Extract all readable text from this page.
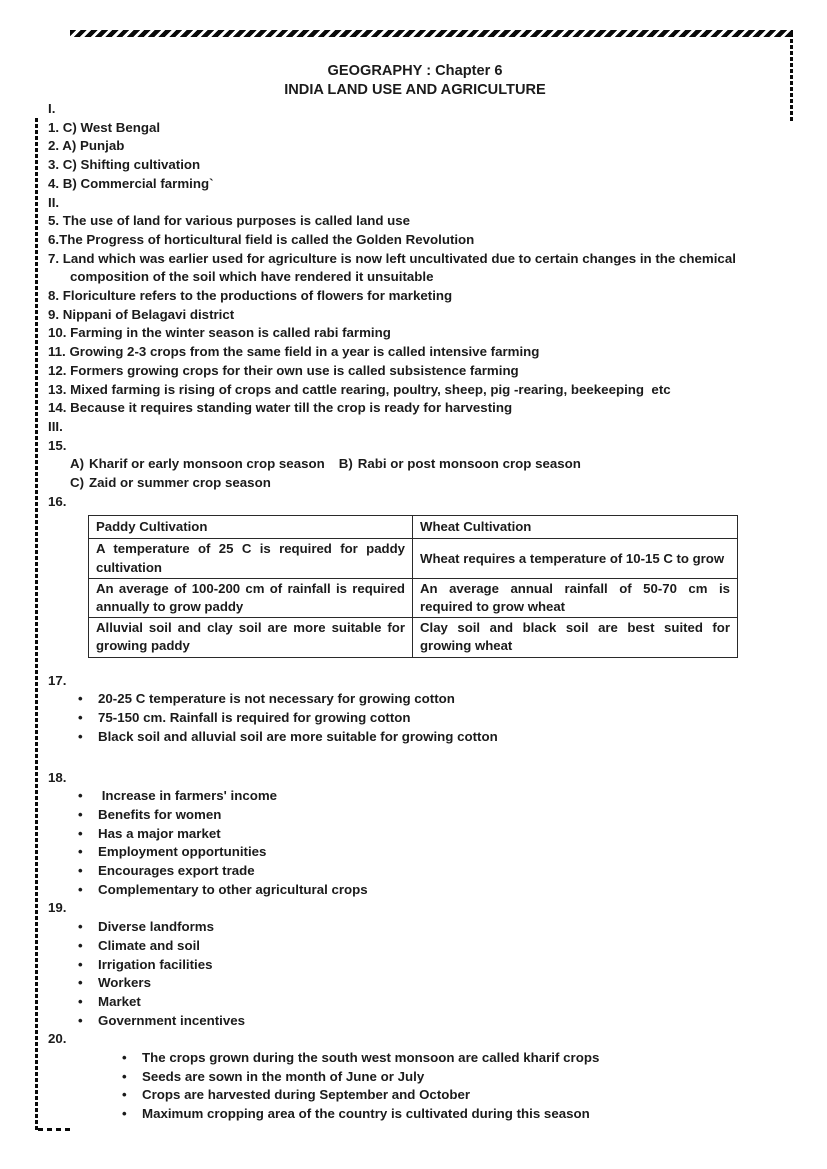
GEOGRAPHY : Chapter 6
INDIA LAND USE AND AGRICULTURE
I.
1. C) West Bengal
2. A) Punjab
3. C) Shifting cultivation
4. B) Commercial farming`
II.
5. The use of land for various purposes is called land use
6.The Progress of horticultural field is called the Golden Revolution
7. Land which was earlier used for agriculture is now left uncultivated due to certain changes in the chemical
composition of the soil which have rendered it unsuitable
8. Floriculture refers to the productions of flowers for marketing
9. Nippani of Belagavi district
10. Farming in the winter season is called rabi farming
11. Growing 2-3 crops from the same field in a year is called intensive farming
12. Formers growing crops for their own use is called subsistence farming
13. Mixed farming is rising of crops and cattle rearing, poultry, sheep, pig -rearing, beekeeping  etc
14. Because it requires standing water till the crop is ready for harvesting
III.
15.
A) Kharif or early monsoon crop season B) Rabi or post monsoon crop season
C) Zaid or summer crop season
16.
Paddy Cultivation	Wheat Cultivation
A temperature of 25 C is required for paddy cultivation	Wheat requires a temperature of 10-15 C to grow
An average of 100-200 cm of rainfall is required annually to grow paddy	An average annual rainfall of 50-70 cm is required to grow wheat
Alluvial soil and clay soil are more suitable for growing paddy	Clay soil and black soil are best suited for growing wheat
17.
•	20-25 C temperature is not necessary for growing cotton
•	75-150 cm. Rainfall is required for growing cotton
•	Black soil and alluvial soil are more suitable for growing cotton
18.
•	Increase in farmers' income
•	Benefits for women
•	Has a major market
•	Employment opportunities
•	Encourages export trade
•	Complementary to other agricultural crops
19.
•	Diverse landforms
•	Climate and soil
•	Irrigation facilities
•	Workers
•	Market
•	Government incentives
20.
•	The crops grown during the south west monsoon are called kharif crops
•	Seeds are sown in the month of June or July
•	Crops are harvested during September and October
•	Maximum cropping area of the country is cultivated during this season
